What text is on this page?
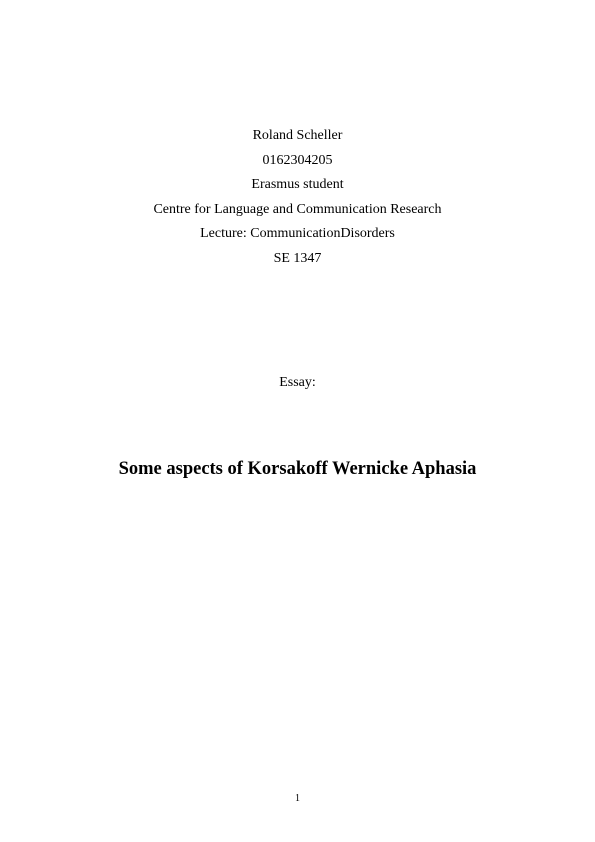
Roland Scheller
0162304205
Erasmus student
Centre for Language and Communication Research
Lecture: CommunicationDisorders
SE 1347
Essay:
Some aspects of Korsakoff Wernicke Aphasia
1
